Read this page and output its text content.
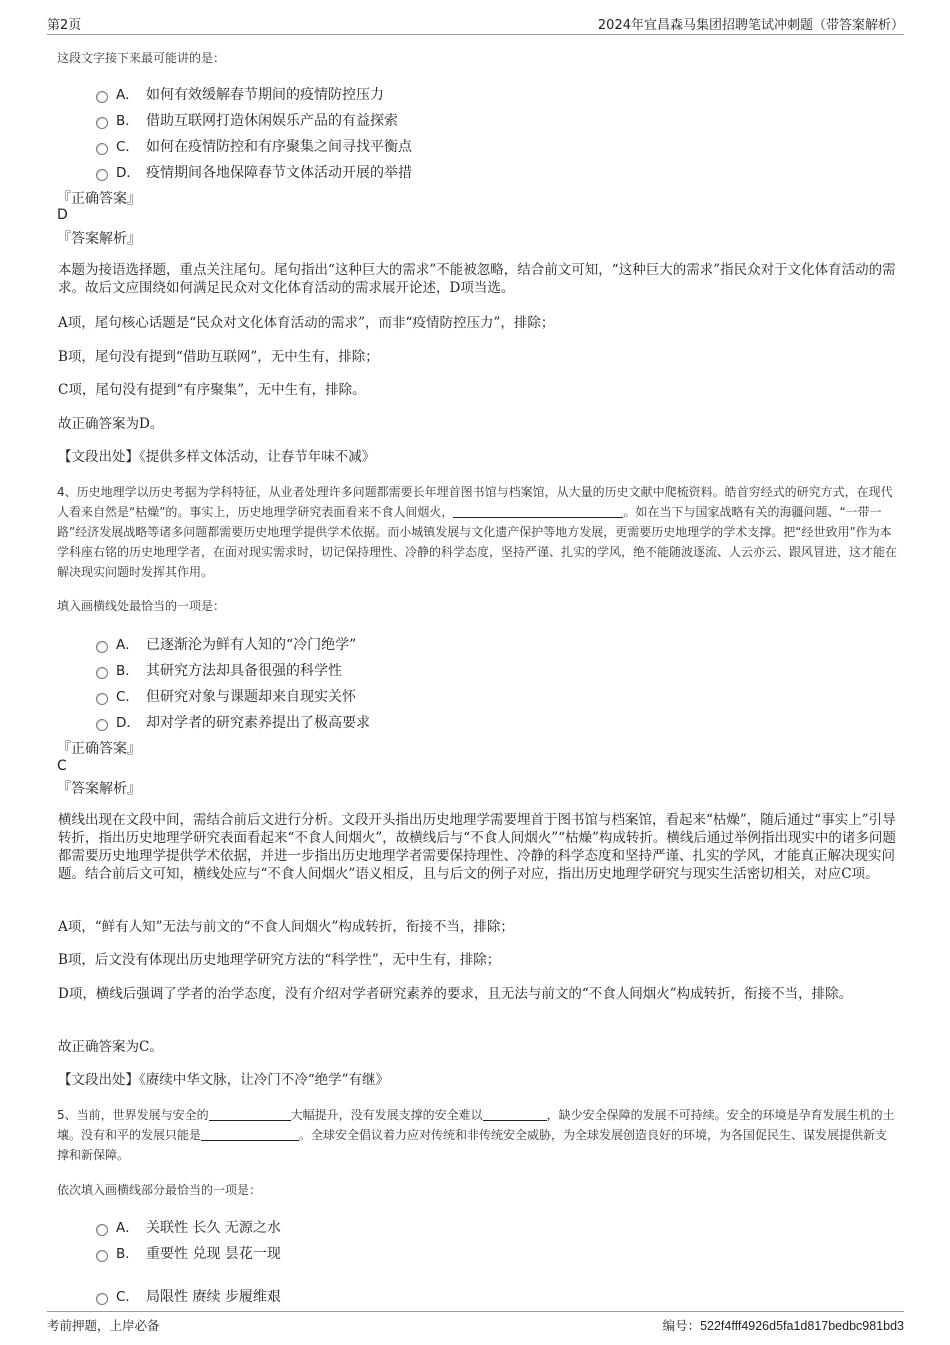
第2页	2024年宜昌森马集团招聘笔试冲刺题（带答案解析）
这段文字接下来最可能讲的是：
A． 如何有效缓解春节期间的疫情防控压力
B． 借助互联网打造休闲娱乐产品的有益探索
C． 如何在疫情防控和有序聚集之间寻找平衡点
D． 疫情期间各地保障春节文体活动开展的举措
『正确答案』
D
『答案解析』
本题为接语选择题，重点关注尾句。尾句指出“这种巨大的需求”不能被忽略，结合前文可知，“这种巨大的需求”指民众对于文化体育活动的需求。故后文应围绕如何满足民众对文化体育活动的需求展开论述，D项当选。
A项，尾句核心话题是“民众对文化体育活动的需求”，而非“疫情防控压力”，排除；
B项，尾句没有提到“借助互联网”，无中生有，排除；
C项，尾句没有提到“有序聚集”，无中生有，排除。
故正确答案为D。
【文段出处】《提供多样文体活动，让春节年味不减》
4、历史地理学以历史考据为学科特征，从业者处理许多问题都需要长年埋首图书馆与档案馆，从大量的历史文献中爬梳资料。皓首穷经式的研究方式，在现代人看来自然是“枯燥”的。事实上，历史地理学研究表面看来不食人间烟火，	。如在当下与国家战略有关的海疆问题、“一带一路”经济发展战略等诸多问题都需要历史地理学提供学术依据。而小城镇发展与文化遗产保护等地方发展，更需要历史地理学的学术支撑。把“经世致用”作为本学科座右铭的历史地理学者，在面对现实需求时，切记保持理性、冷静的科学态度，坚持严谨、扎实的学风，绝不能随波逐流、人云亦云、跟风冒进，这才能在解决现实问题时发挥其作用。
填入画横线处最恰当的一项是：
A． 已逐渐沦为鲜有人知的“冷门绝学”
B． 其研究方法却具备很强的科学性
C． 但研究对象与课题却来自现实关怀
D． 却对学者的研究素养提出了极高要求
『正确答案』
C
『答案解析』
横线出现在文段中间，需结合前后文进行分析。文段开头指出历史地理学需要埋首于图书馆与档案馆，看起来“枯燥”，随后通过“事实上”引导转折，指出历史地理学研究表面看起来“不食人间烟火”，故横线后与“不食人间烟火”“枯燥”构成转折。横线后通过举例指出现实中的诸多问题都需要历史地理学提供学术依据，并进一步指出历史地理学者需要保持理性、冷静的科学态度和坚持严谨、扎实的学风，才能真正解决现实问题。结合前后文可知，横线处应与“不食人间烟火”语义相反，且与后文的例子对应，指出历史地理学研究与现实生活密切相关，对应C项。
A项，“鲜有人知”无法与前文的“不食人间烟火”构成转折，衔接不当，排除；
B项，后文没有体现出历史地理学研究方法的“科学性”，无中生有，排除；
D项，横线后强调了学者的治学态度，没有介绍对学者研究素养的要求，且无法与前文的“不食人间烟火”构成转折，衔接不当，排除。
故正确答案为C。
【文段出处】《赓续中华文脉，让冷门不冷“绝学”有继》
5、当前，世界发展与安全的	大幅提升，没有发展支撑的安全难以	，缺少安全保障的发展不可持续。安全的环境是孕育发展生机的土壤。没有和平的发展只能是	。全球安全倡议着力应对传统和非传统安全威胁，为全球发展创造良好的环境，为各国促民生、谋发展提供新支撑和新保障。
依次填入画横线部分最恰当的一项是：
A． 关联性 长久 无源之水
B． 重要性 兑现 昙花一现
C． 局限性 赓续 步履维艰
考前押题，上岸必备	编号：522f4fff4926d5fa1d817bedbc981bd3
